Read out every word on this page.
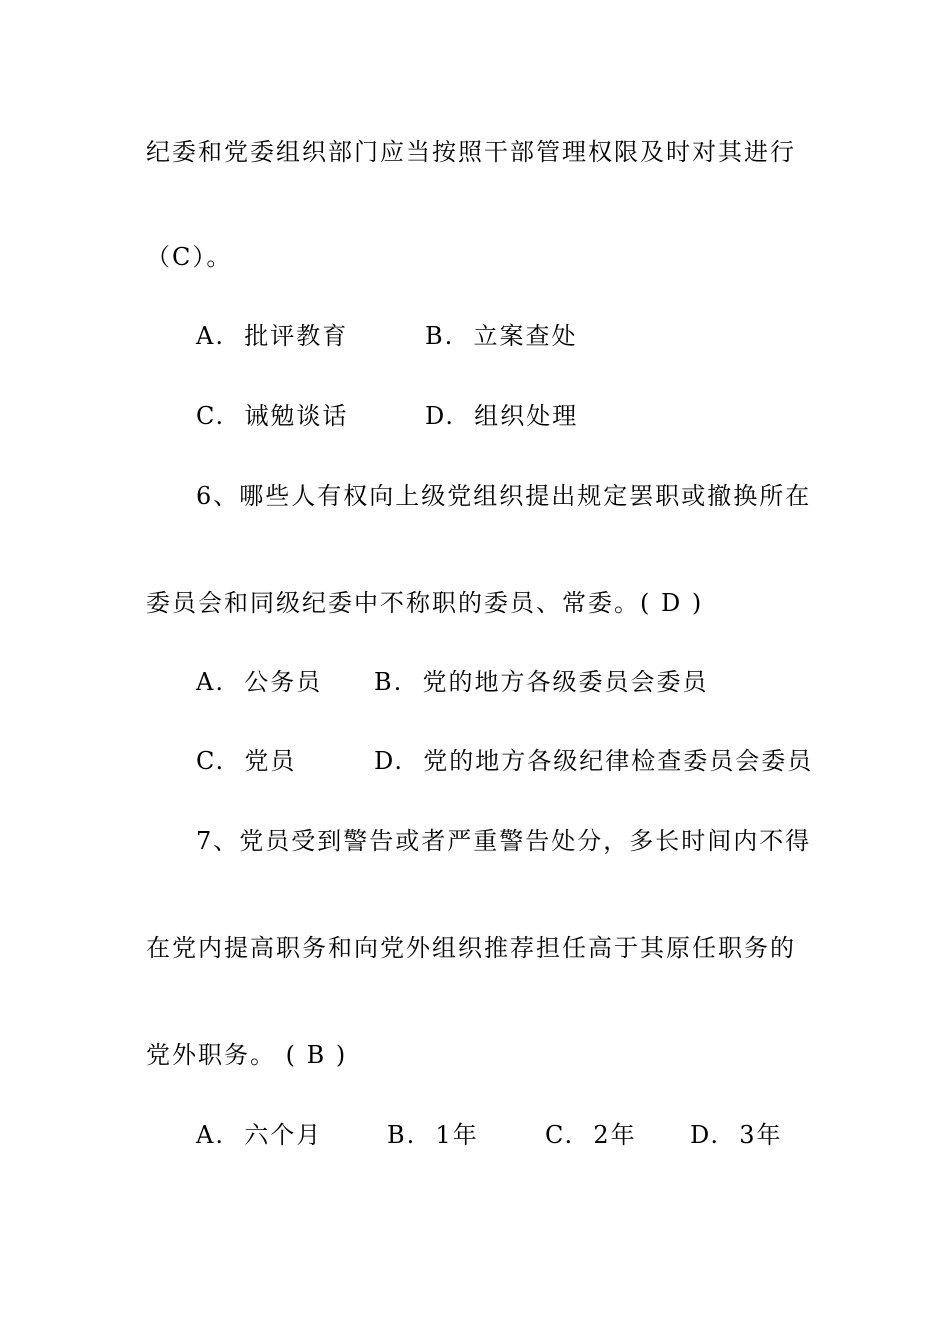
纪委和党委组织部门应当按照干部管理权限及时对其进行
（C）。
A.  批评教育	B.  立案查处
C.  诫勉谈话	D.  组织处理
6、哪些人有权向上级党组织提出规定罢职或撤换所在
委员会和同级纪委中不称职的委员、常委。( D )
A.  公务员 B.  党的地方各级委员会委员
C.  党员	D.  党的地方各级纪律检查委员会委员
7、党员受到警告或者严重警告处分，多长时间内不得
在党内提高职务和向党外组织推荐担任高于其原任职务的
党外职务。 ( B )
A.  六个月	B.  1年	C.  2年 D.  3年
